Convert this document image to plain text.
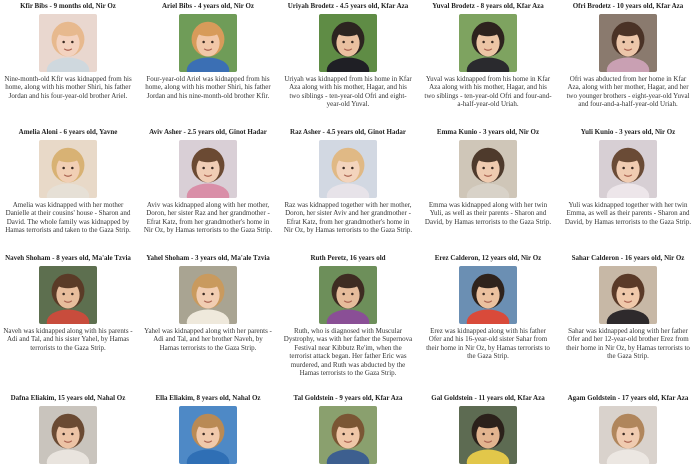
Kfir Bibs - 9 months old, Nir Oz
Nine-month-old Kfir was kidnapped from his home, along with his mother Shiri, his father Jordan and his four-year-old brother Ariel.
Ariel Bibs - 4 years old, Nir Oz
Four-year-old Ariel was kidnapped from his home, along with his mother Shiri, his father Jordan and his nine-month-old brother Kfir.
Uriyah Brodetz - 4.5 years old, Kfar Aza
Uriyah was kidnapped from his home in Kfar Aza along with his mother, Hagar, and his two siblings - ten-year-old Ofri and eight-year-old Yuval.
Yuval Brodetz - 8 years old, Kfar Aza
Yuval was kidnapped from his home in Kfar Aza along with his mother, Hagar, and his two siblings - ten-year-old Ofri and four-and-a-half-year-old Uriah.
Ofri Brodetz - 10 years old, Kfar Aza
Ofri was abducted from her home in Kfar Aza, along with her mother, Hagar, and her two younger brothers - eight-year-old Yuval and four-and-a-half-year-old Uriah.
Amelia Aloni - 6 years old, Yavne
Amelia was kidnapped with her mother Danielle at their cousins' house - Sharon and David. The whole family was kidnapped by Hamas terrorists and taken to the Gaza Strip.
Aviv Asher - 2.5 years old, Ginot Hadar
Aviv was kidnapped along with her mother, Doron, her sister Raz and her grandmother - Efrat Katz, from her grandmother's home in Nir Oz, by Hamas terrorists to the Gaza Strip.
Raz Asher - 4.5 years old, Ginot Hadar
Raz was kidnapped together with her mother, Doron, her sister Aviv and her grandmother - Efrat Katz, from her grandmother's home in Nir Oz, by Hamas terrorists to the Gaza Strip.
Emma Kunio - 3 years old, Nir Oz
Emma was kidnapped along with her twin Yuli, as well as their parents - Sharon and David, by Hamas terrorists to the Gaza Strip.
Yuli Kunio - 3 years old, Nir Oz
Yuli was kidnapped together with her twin Emma, as well as their parents - Sharon and David, by Hamas terrorists to the Gaza Strip.
Naveh Shoham - 8 years old, Ma'ale Tzvia
Naveh was kidnapped along with his parents - Adi and Tal, and his sister Yahel, by Hamas terrorists to the Gaza Strip.
Yahel Shoham - 3 years old, Ma'ale Tzvia
Yahel was kidnapped along with her parents - Adi and Tal, and her brother Naveh, by Hamas terrorists to the Gaza Strip.
Ruth Peretz, 16 years old
Ruth, who is diagnosed with Muscular Dystrophy, was with her father the Supernova Festival near Kibbutz Re'im, when the terrorist attack began. Her father Eric was murdered, and Ruth was abducted by the Hamas terrorists to the Gaza Strip.
Erez Calderon, 12 years old, Nir Oz
Erez was kidnapped along with his father Ofer and his 16-year-old sister Sahar from their home in Nir Oz, by Hamas terrorists to the Gaza Strip.
Sahar Calderon - 16 years old, Nir Oz
Sahar was kidnapped along with her father Ofer and her 12-year-old brother Erez from their home in Nir Oz, by Hamas terrorists to the Gaza Strip.
Dafna Eliakim, 15 years old, Nahal Oz	Ella Eliakim, 8 years old, Nahal Oz	Tal Goldstein - 9 years old, Kfar Aza	Gal Goldstein - 11 years old, Kfar Aza	Agam Goldstein - 17 years old, Kfar Aza
